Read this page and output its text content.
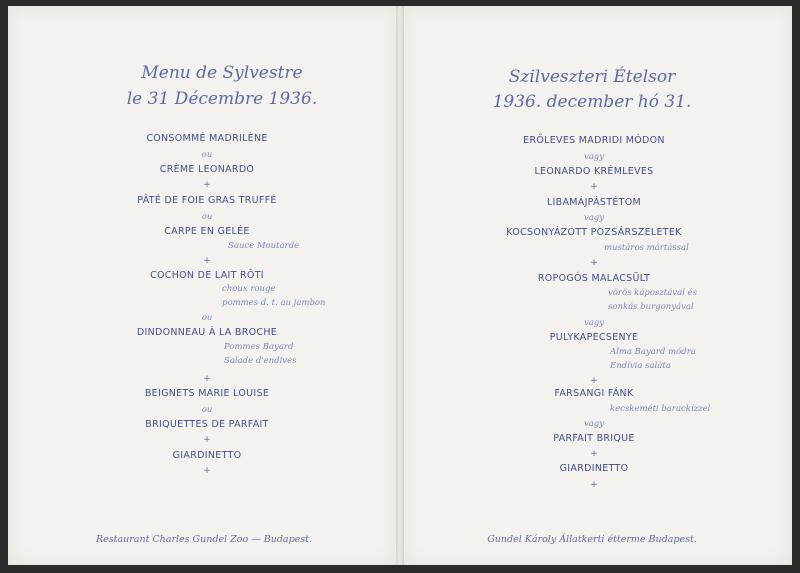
Menu de Sylvestre
le 31 Décembre 1936.
Szilveszteri Ételsor
1936. december hó 31.
CONSOMMÉ MADRILÈNE
ou
CRÈME LEONARDO
+
PÂTÉ DE FOIE GRAS TRUFFÉ
ou
CARPE EN GELÉE
Sauce Moutarde
+
COCHON DE LAIT RÔTI
choux rouge
pommes d. t. au jambon
ou
DINDONNEAU À LA BROCHE
Pommes Bayard
Salade d'endives
+
BEIGNETS MARIE LOUISE
ou
BRIQUETTES DE PARFAIT
+
GIARDINETTO
+
ERŐLEVES MADRIDI MÓDON
vagy
LEONARDO KRÉMLEVES
+
LIBAMÁJPÁSTÉTOM
vagy
KOCSONYÁZOTT POZSÁRSZELETEK
mustáros mártással
+
ROPOGÓS MALACSÜLT
vörös káposztával és
sonkás burgonyával
vagy
PULYKAPECSENYE
Alma Bayard módra
Endívia saláta
+
FARSANGI FÁNK
kecskeméti barackízzel
vagy
PARFAIT BRIQUE
+
GIARDINETTO
+
Restaurant Charles Gundel Zoo — Budapest.	Gundel Károly Állatkerti étterme Budapest.
